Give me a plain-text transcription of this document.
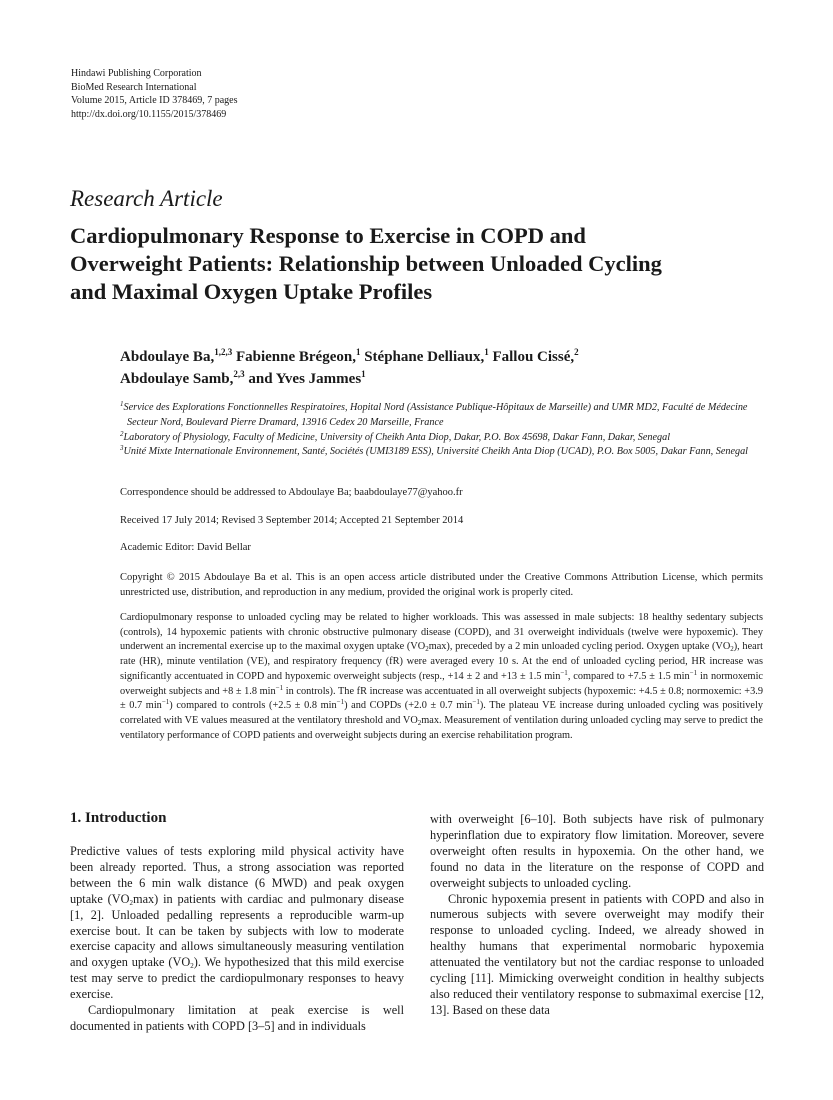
Hindawi Publishing Corporation
BioMed Research International
Volume 2015, Article ID 378469, 7 pages
http://dx.doi.org/10.1155/2015/378469
Research Article
Cardiopulmonary Response to Exercise in COPD and
Overweight Patients: Relationship between Unloaded Cycling
and Maximal Oxygen Uptake Profiles
Abdoulaye Ba,$^{1,2,3}$ Fabienne Brégeon,$^1$ Stéphane Delliaux,$^1$ Fallou Cissé,$^2$
Abdoulaye Samb,$^{2,3}$ and Yves Jammes$^1$
$^1$Service des Explorations Fonctionnelles Respiratoires, Hopital Nord (Assistance Publique-Hôpitaux de Marseille) and UMR MD2, Faculté de Médecine Secteur Nord, Boulevard Pierre Dramard, 13916 Cedex 20 Marseille, France
$^2$Laboratory of Physiology, Faculty of Medicine, University of Cheikh Anta Diop, Dakar, P.O. Box 45698, Dakar Fann, Dakar, Senegal
$^3$Unité Mixte Internationale Environnement, Santé, Sociétés (UMI3189 ESS), Université Cheikh Anta Diop (UCAD), P.O. Box 5005, Dakar Fann, Senegal
Correspondence should be addressed to Abdoulaye Ba; baabdoulaye77@yahoo.fr
Received 17 July 2014; Revised 3 September 2014; Accepted 21 September 2014
Academic Editor: David Bellar
Copyright © 2015 Abdoulaye Ba et al. This is an open access article distributed under the Creative Commons Attribution License, which permits unrestricted use, distribution, and reproduction in any medium, provided the original work is properly cited.
Cardiopulmonary response to unloaded cycling may be related to higher workloads. This was assessed in male subjects: 18 healthy sedentary subjects (controls), 14 hypoxemic patients with chronic obstructive pulmonary disease (COPD), and 31 overweight individuals (twelve were hypoxemic). They underwent an incremental exercise up to the maximal oxygen uptake $(VO_2\max)$, preceded by a 2 min unloaded cycling period. Oxygen uptake $(VO_2)$, heart rate (HR), minute ventilation (VE), and respiratory frequency (fR) were averaged every 10 s. At the end of unloaded cycling period, HR increase was significantly accentuated in COPD and hypoxemic overweight subjects (resp., +14 ± 2 and +13 ± 1.5 $\min^{-1}$, compared to +7.5 ± 1.5 $\min^{-1}$ in normoxemic overweight subjects and +8 ± 1.8 $\min^{-1}$ in controls). The fR increase was accentuated in all overweight subjects (hypoxemic: +4.5 ± 0.8; normoxemic: +3.9 ± 0.7 $\min^{-1}$) compared to controls (+2.5 ± 0.8 $\min^{-1}$) and COPDs (+2.0 ± 0.7 $\min^{-1}$). The plateau VE increase during unloaded cycling was positively correlated with VE values measured at the ventilatory threshold and $VO_2\max$. Measurement of ventilation during unloaded cycling may serve to predict the ventilatory performance of COPD patients and overweight subjects during an exercise rehabilitation program.
1. Introduction

Predictive values of tests exploring mild physical activity have been already reported. Thus, a strong association was reported between the 6 min walk distance (6 MWD) and peak oxygen uptake $(VO_2\max)$ in patients with cardiac and pulmonary disease [1, 2]. Unloaded pedalling represents a reproducible warm-up exercise bout. It can be taken by subjects with low to moderate exercise capacity and allows simultaneously measuring ventilation and oxygen uptake $(VO_2)$. We hypothesized that this mild exercise test may serve to predict the cardiopulmonary responses to heavy exercise.

Cardiopulmonary limitation at peak exercise is well documented in patients with COPD [3–5] and in individuals

with overweight [6–10]. Both subjects have risk of pulmonary hyperinflation due to expiratory flow limitation. Moreover, severe overweight often results in hypoxemia. On the other hand, we found no data in the literature on the response of COPD and overweight subjects to unloaded cycling.

Chronic hypoxemia present in patients with COPD and also in numerous subjects with severe overweight may modify their response to unloaded cycling. Indeed, we already showed in healthy humans that experimental normobaric hypoxemia attenuated the ventilatory but not the cardiac response to unloaded cycling [11]. Mimicking overweight condition in healthy subjects also reduced their ventilatory response to submaximal exercise [12, 13]. Based on these data
